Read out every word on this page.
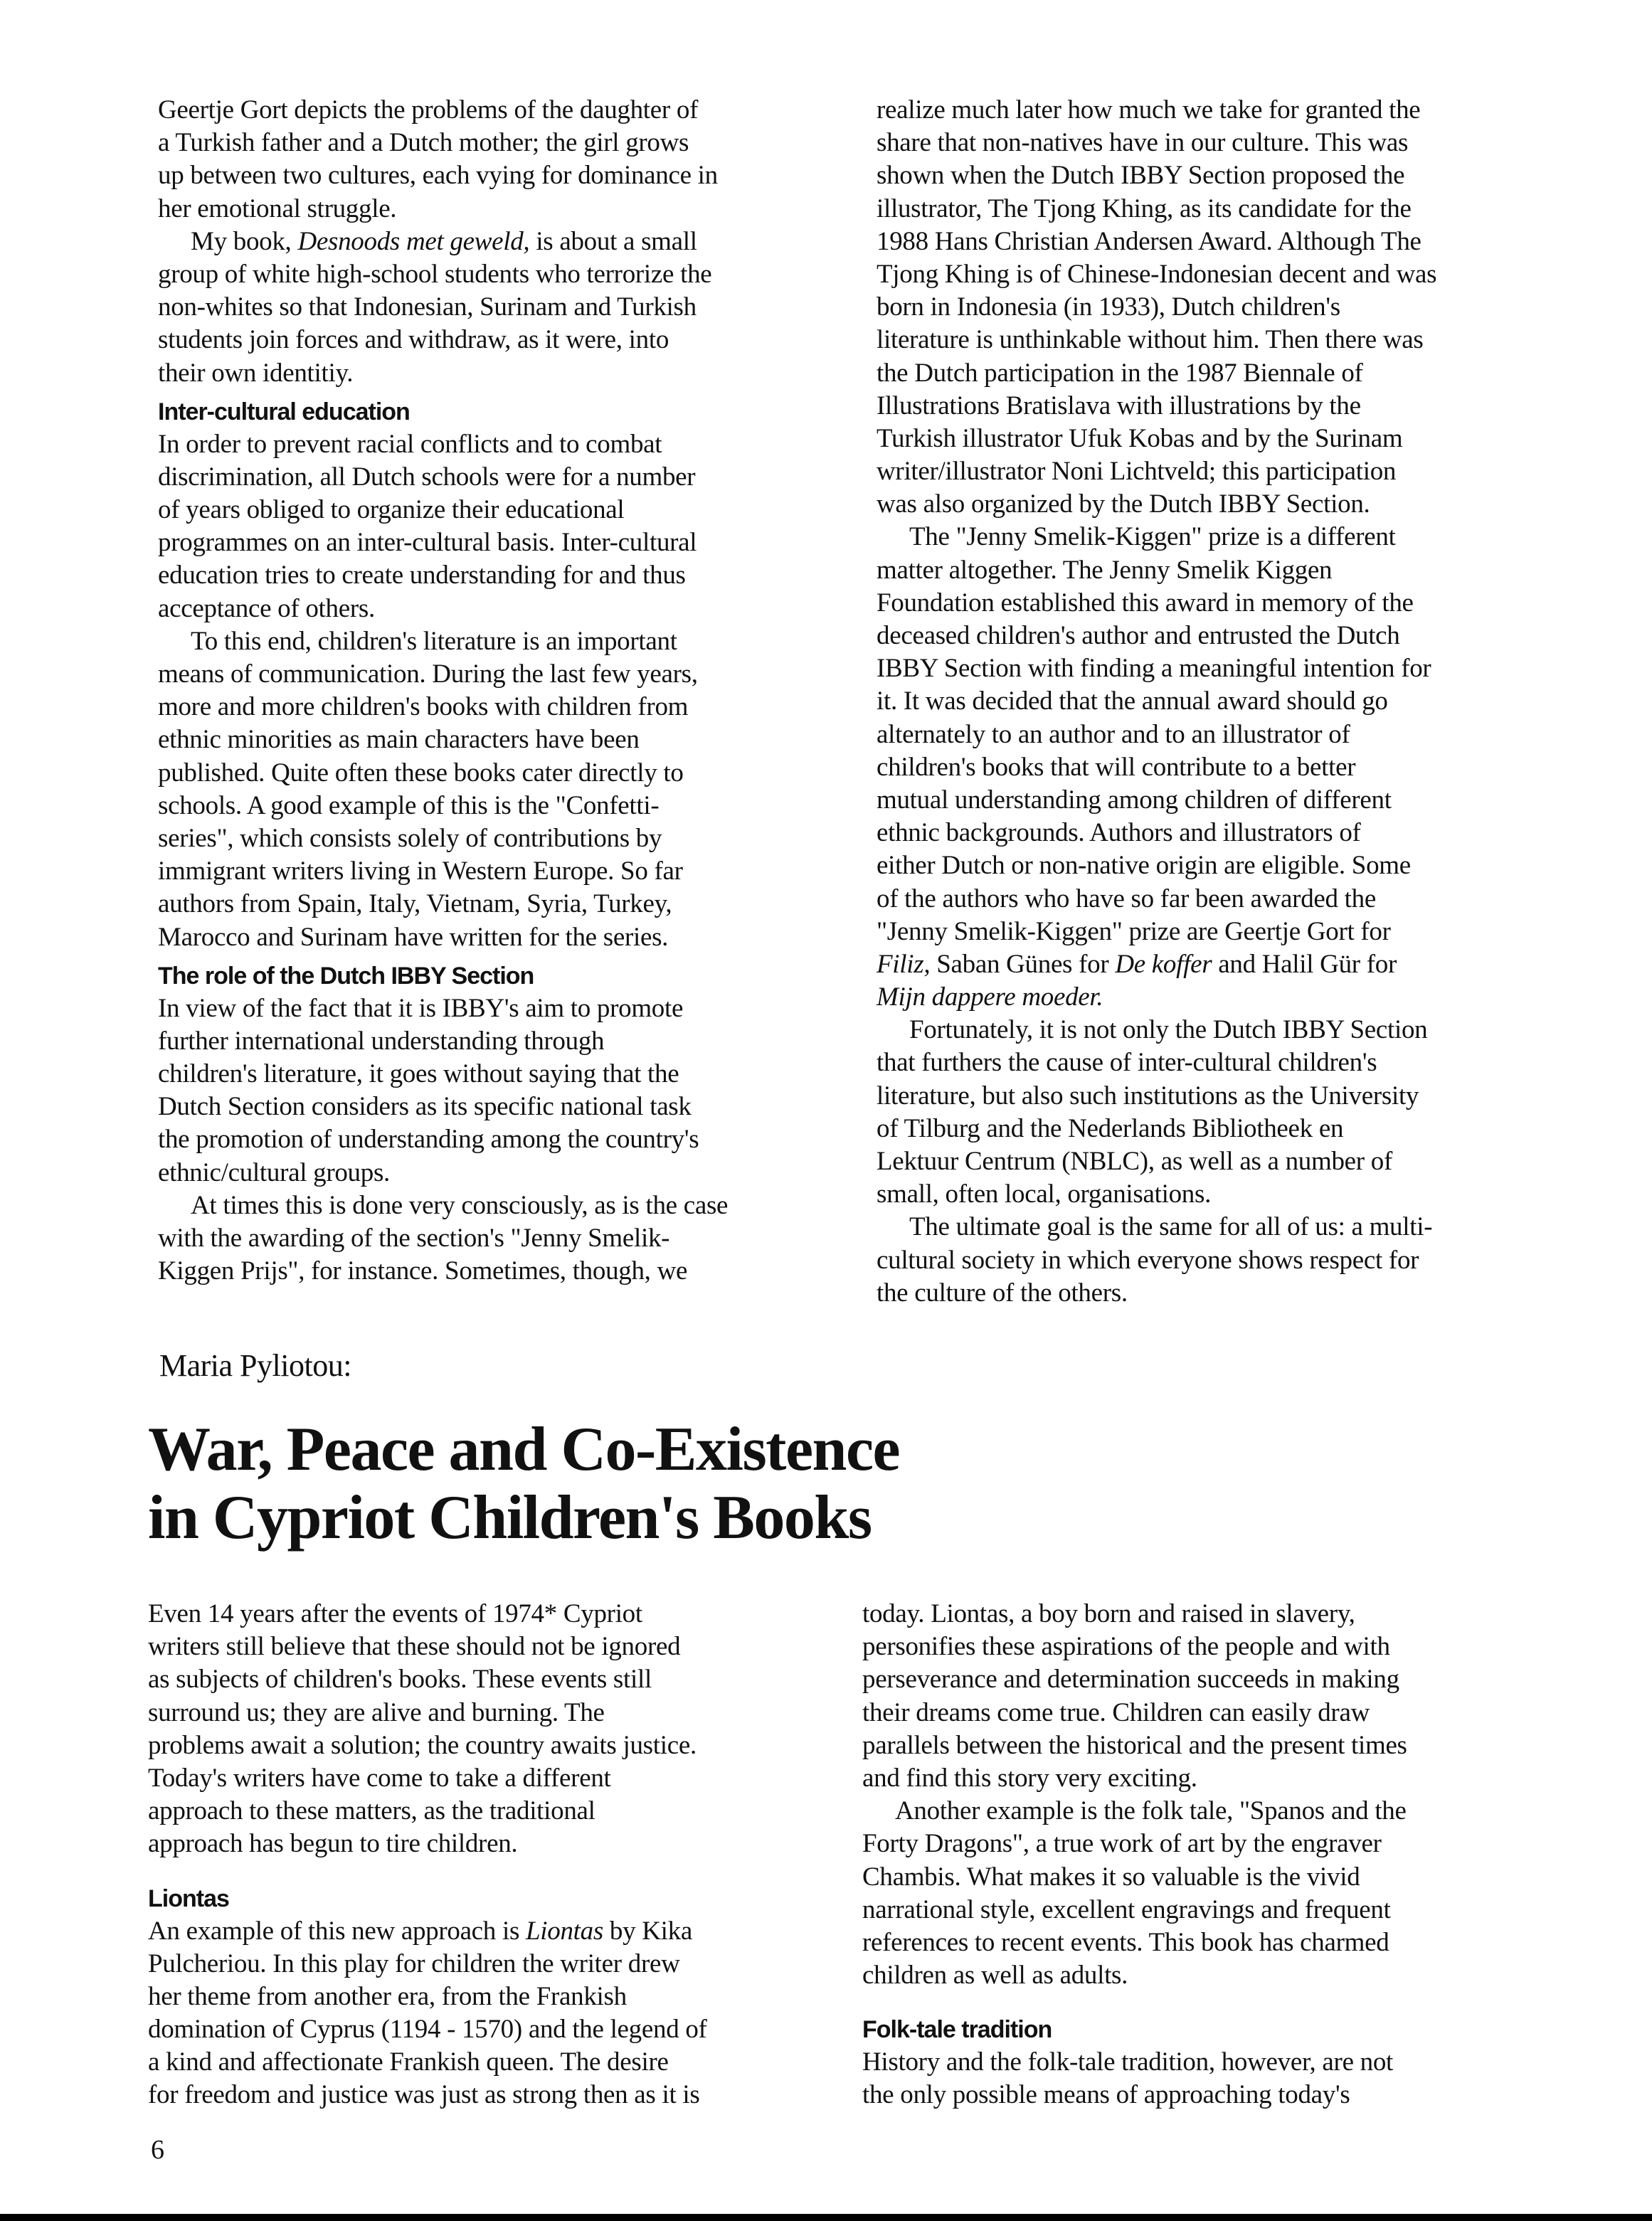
Geertje Gort depicts the problems of the daughter of
a Turkish father and a Dutch mother; the girl grows
up between two cultures, each vying for dominance in
her emotional struggle.
My book, Desnoods met geweld, is about a small
group of white high-school students who terrorize the
non-whites so that Indonesian, Surinam and Turkish
students join forces and withdraw, as it were, into
their own identitiy.
Inter-cultural education
In order to prevent racial conflicts and to combat
discrimination, all Dutch schools were for a number
of years obliged to organize their educational
programmes on an inter-cultural basis. Inter-cultural
education tries to create understanding for and thus
acceptance of others.
To this end, children's literature is an important
means of communication. During the last few years,
more and more children's books with children from
ethnic minorities as main characters have been
published. Quite often these books cater directly to
schools. A good example of this is the "Confetti-
series", which consists solely of contributions by
immigrant writers living in Western Europe. So far
authors from Spain, Italy, Vietnam, Syria, Turkey,
Marocco and Surinam have written for the series.
The role of the Dutch IBBY Section
In view of the fact that it is IBBY's aim to promote
further international understanding through
children's literature, it goes without saying that the
Dutch Section considers as its specific national task
the promotion of understanding among the country's
ethnic/cultural groups.
At times this is done very consciously, as is the case
with the awarding of the section's "Jenny Smelik-
Kiggen Prijs", for instance. Sometimes, though, we
realize much later how much we take for granted the
share that non-natives have in our culture. This was
shown when the Dutch IBBY Section proposed the
illustrator, The Tjong Khing, as its candidate for the
1988 Hans Christian Andersen Award. Although The
Tjong Khing is of Chinese-Indonesian decent and was
born in Indonesia (in 1933), Dutch children's
literature is unthinkable without him. Then there was
the Dutch participation in the 1987 Biennale of
Illustrations Bratislava with illustrations by the
Turkish illustrator Ufuk Kobas and by the Surinam
writer/illustrator Noni Lichtveld; this participation
was also organized by the Dutch IBBY Section.
The "Jenny Smelik-Kiggen" prize is a different
matter altogether. The Jenny Smelik Kiggen
Foundation established this award in memory of the
deceased children's author and entrusted the Dutch
IBBY Section with finding a meaningful intention for
it. It was decided that the annual award should go
alternately to an author and to an illustrator of
children's books that will contribute to a better
mutual understanding among children of different
ethnic backgrounds. Authors and illustrators of
either Dutch or non-native origin are eligible. Some
of the authors who have so far been awarded the
"Jenny Smelik-Kiggen" prize are Geertje Gort for
Filiz, Saban Günes for De koffer and Halil Gür for
Mijn dappere moeder.
Fortunately, it is not only the Dutch IBBY Section
that furthers the cause of inter-cultural children's
literature, but also such institutions as the University
of Tilburg and the Nederlands Bibliotheek en
Lektuur Centrum (NBLC), as well as a number of
small, often local, organisations.
The ultimate goal is the same for all of us: a multi-
cultural society in which everyone shows respect for
the culture of the others.
Maria Pyliotou:
War, Peace and Co-Existence
in Cypriot Children's Books
Even 14 years after the events of 1974* Cypriot
writers still believe that these should not be ignored
as subjects of children's books. These events still
surround us; they are alive and burning. The
problems await a solution; the country awaits justice.
Today's writers have come to take a different
approach to these matters, as the traditional
approach has begun to tire children.
Liontas
An example of this new approach is Liontas by Kika
Pulcheriou. In this play for children the writer drew
her theme from another era, from the Frankish
domination of Cyprus (1194 - 1570) and the legend of
a kind and affectionate Frankish queen. The desire
for freedom and justice was just as strong then as it is
today. Liontas, a boy born and raised in slavery,
personifies these aspirations of the people and with
perseverance and determination succeeds in making
their dreams come true. Children can easily draw
parallels between the historical and the present times
and find this story very exciting.
Another example is the folk tale, "Spanos and the
Forty Dragons", a true work of art by the engraver
Chambis. What makes it so valuable is the vivid
narrational style, excellent engravings and frequent
references to recent events. This book has charmed
children as well as adults.
Folk-tale tradition
History and the folk-tale tradition, however, are not
the only possible means of approaching today's
6
